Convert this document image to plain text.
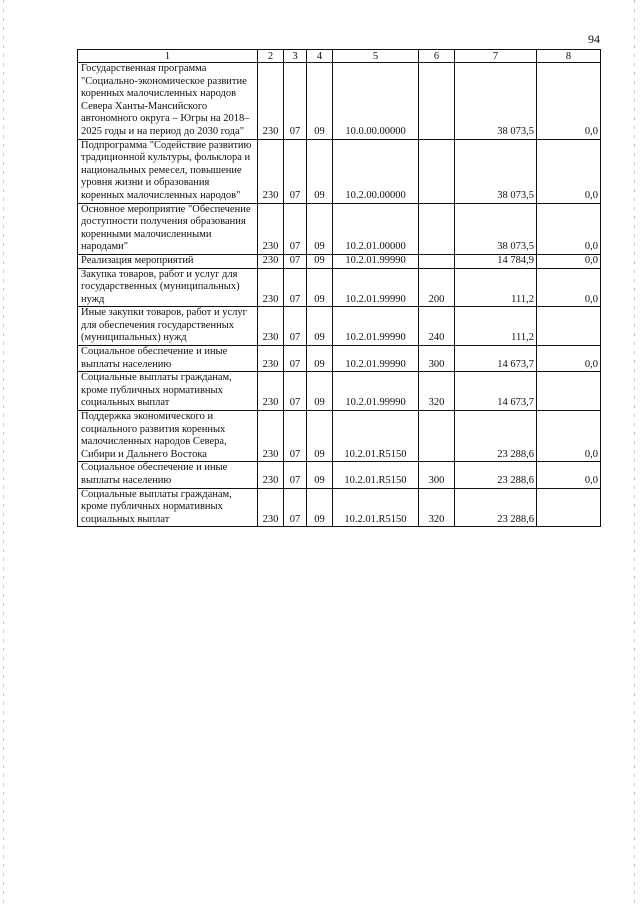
94
1	2	3	4	5	6	7	8
Государственная программа "Социально-экономическое развитие коренных малочисленных народов Севера Ханты-Мансийского автономного округа – Югры на 2018–2025 годы и на период до 2030 года"	230	07	09	10.0.00.00000		38 073,5	0,0
Подпрограмма "Содействие развитию традиционной культуры, фольклора и национальных ремесел, повышение уровня жизни и образования коренных малочисленных народов"	230	07	09	10.2.00.00000		38 073,5	0,0
Основное мероприятие "Обеспечение доступности получения образования коренными малочисленными народами"	230	07	09	10.2.01.00000		38 073,5	0,0
Реализация мероприятий	230	07	09	10.2.01.99990		14 784,9	0,0
Закупка товаров, работ и услуг для государственных (муниципальных) нужд	230	07	09	10.2.01.99990	200	111,2	0,0
Иные закупки товаров, работ и услуг для обеспечения государственных (муниципальных) нужд	230	07	09	10.2.01.99990	240	111,2	
Социальное обеспечение и иные выплаты населению	230	07	09	10.2.01.99990	300	14 673,7	0,0
Социальные выплаты гражданам, кроме публичных нормативных социальных выплат	230	07	09	10.2.01.99990	320	14 673,7	
Поддержка экономического и социального развития коренных малочисленных народов Севера, Сибири и Дальнего Востока	230	07	09	10.2.01.R5150		23 288,6	0,0
Социальное обеспечение и иные выплаты населению	230	07	09	10.2.01.R5150	300	23 288,6	0,0
Социальные выплаты гражданам, кроме публичных нормативных социальных выплат	230	07	09	10.2.01.R5150	320	23 288,6	
